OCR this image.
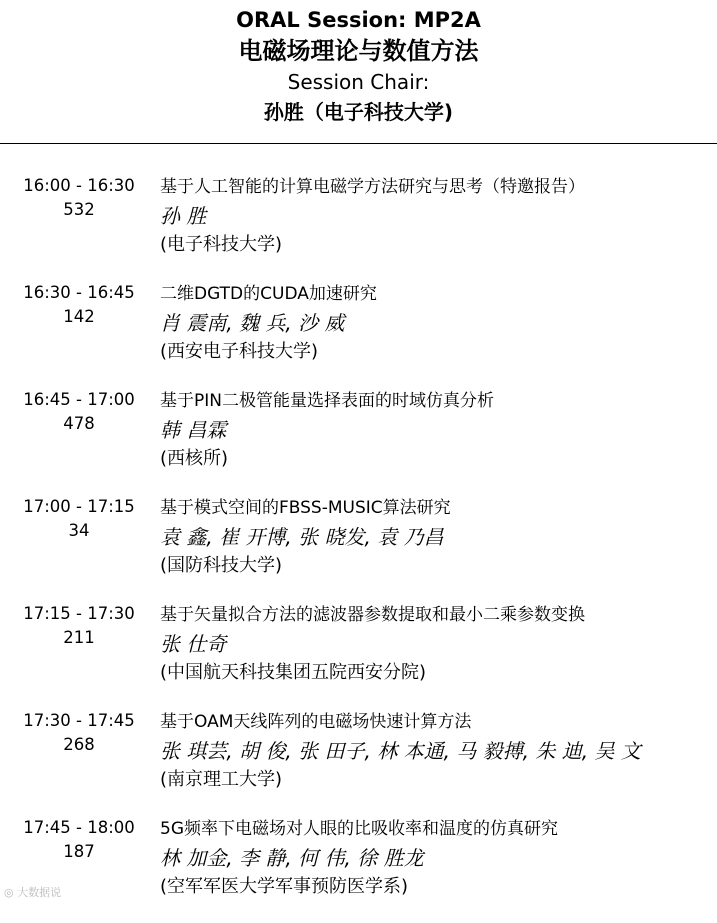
ORAL Session: MP2A
电磁场理论与数值方法
Session Chair:
孙胜（电子科技大学)
16:00 - 16:30
532
基于人工智能的计算电磁学方法研究与思考（特邀报告）
孙 胜
(电子科技大学)
16:30 - 16:45
142
二维DGTD的CUDA加速研究
肖 震南, 魏 兵, 沙 威
(西安电子科技大学)
16:45 - 17:00
478
基于PIN二极管能量选择表面的时域仿真分析
韩 昌霖
(西核所)
17:00 - 17:15
34
基于模式空间的FBSS-MUSIC算法研究
袁 鑫, 崔 开博, 张 晓发, 袁 乃昌
(国防科技大学)
17:15 - 17:30
211
基于矢量拟合方法的滤波器参数提取和最小二乘参数变换
张 仕奇
(中国航天科技集团五院西安分院)
17:30 - 17:45
268
基于OAM天线阵列的电磁场快速计算方法
张 琪芸, 胡 俊, 张 田子, 林 本通, 马 毅搏, 朱 迪, 吴 文
(南京理工大学)
17:45 - 18:00
187
5G频率下电磁场对人眼的比吸收率和温度的仿真研究
林 加金, 李 静, 何 伟, 徐 胜龙
(空军军医大学军事预防医学系)
◎ 大数据说
